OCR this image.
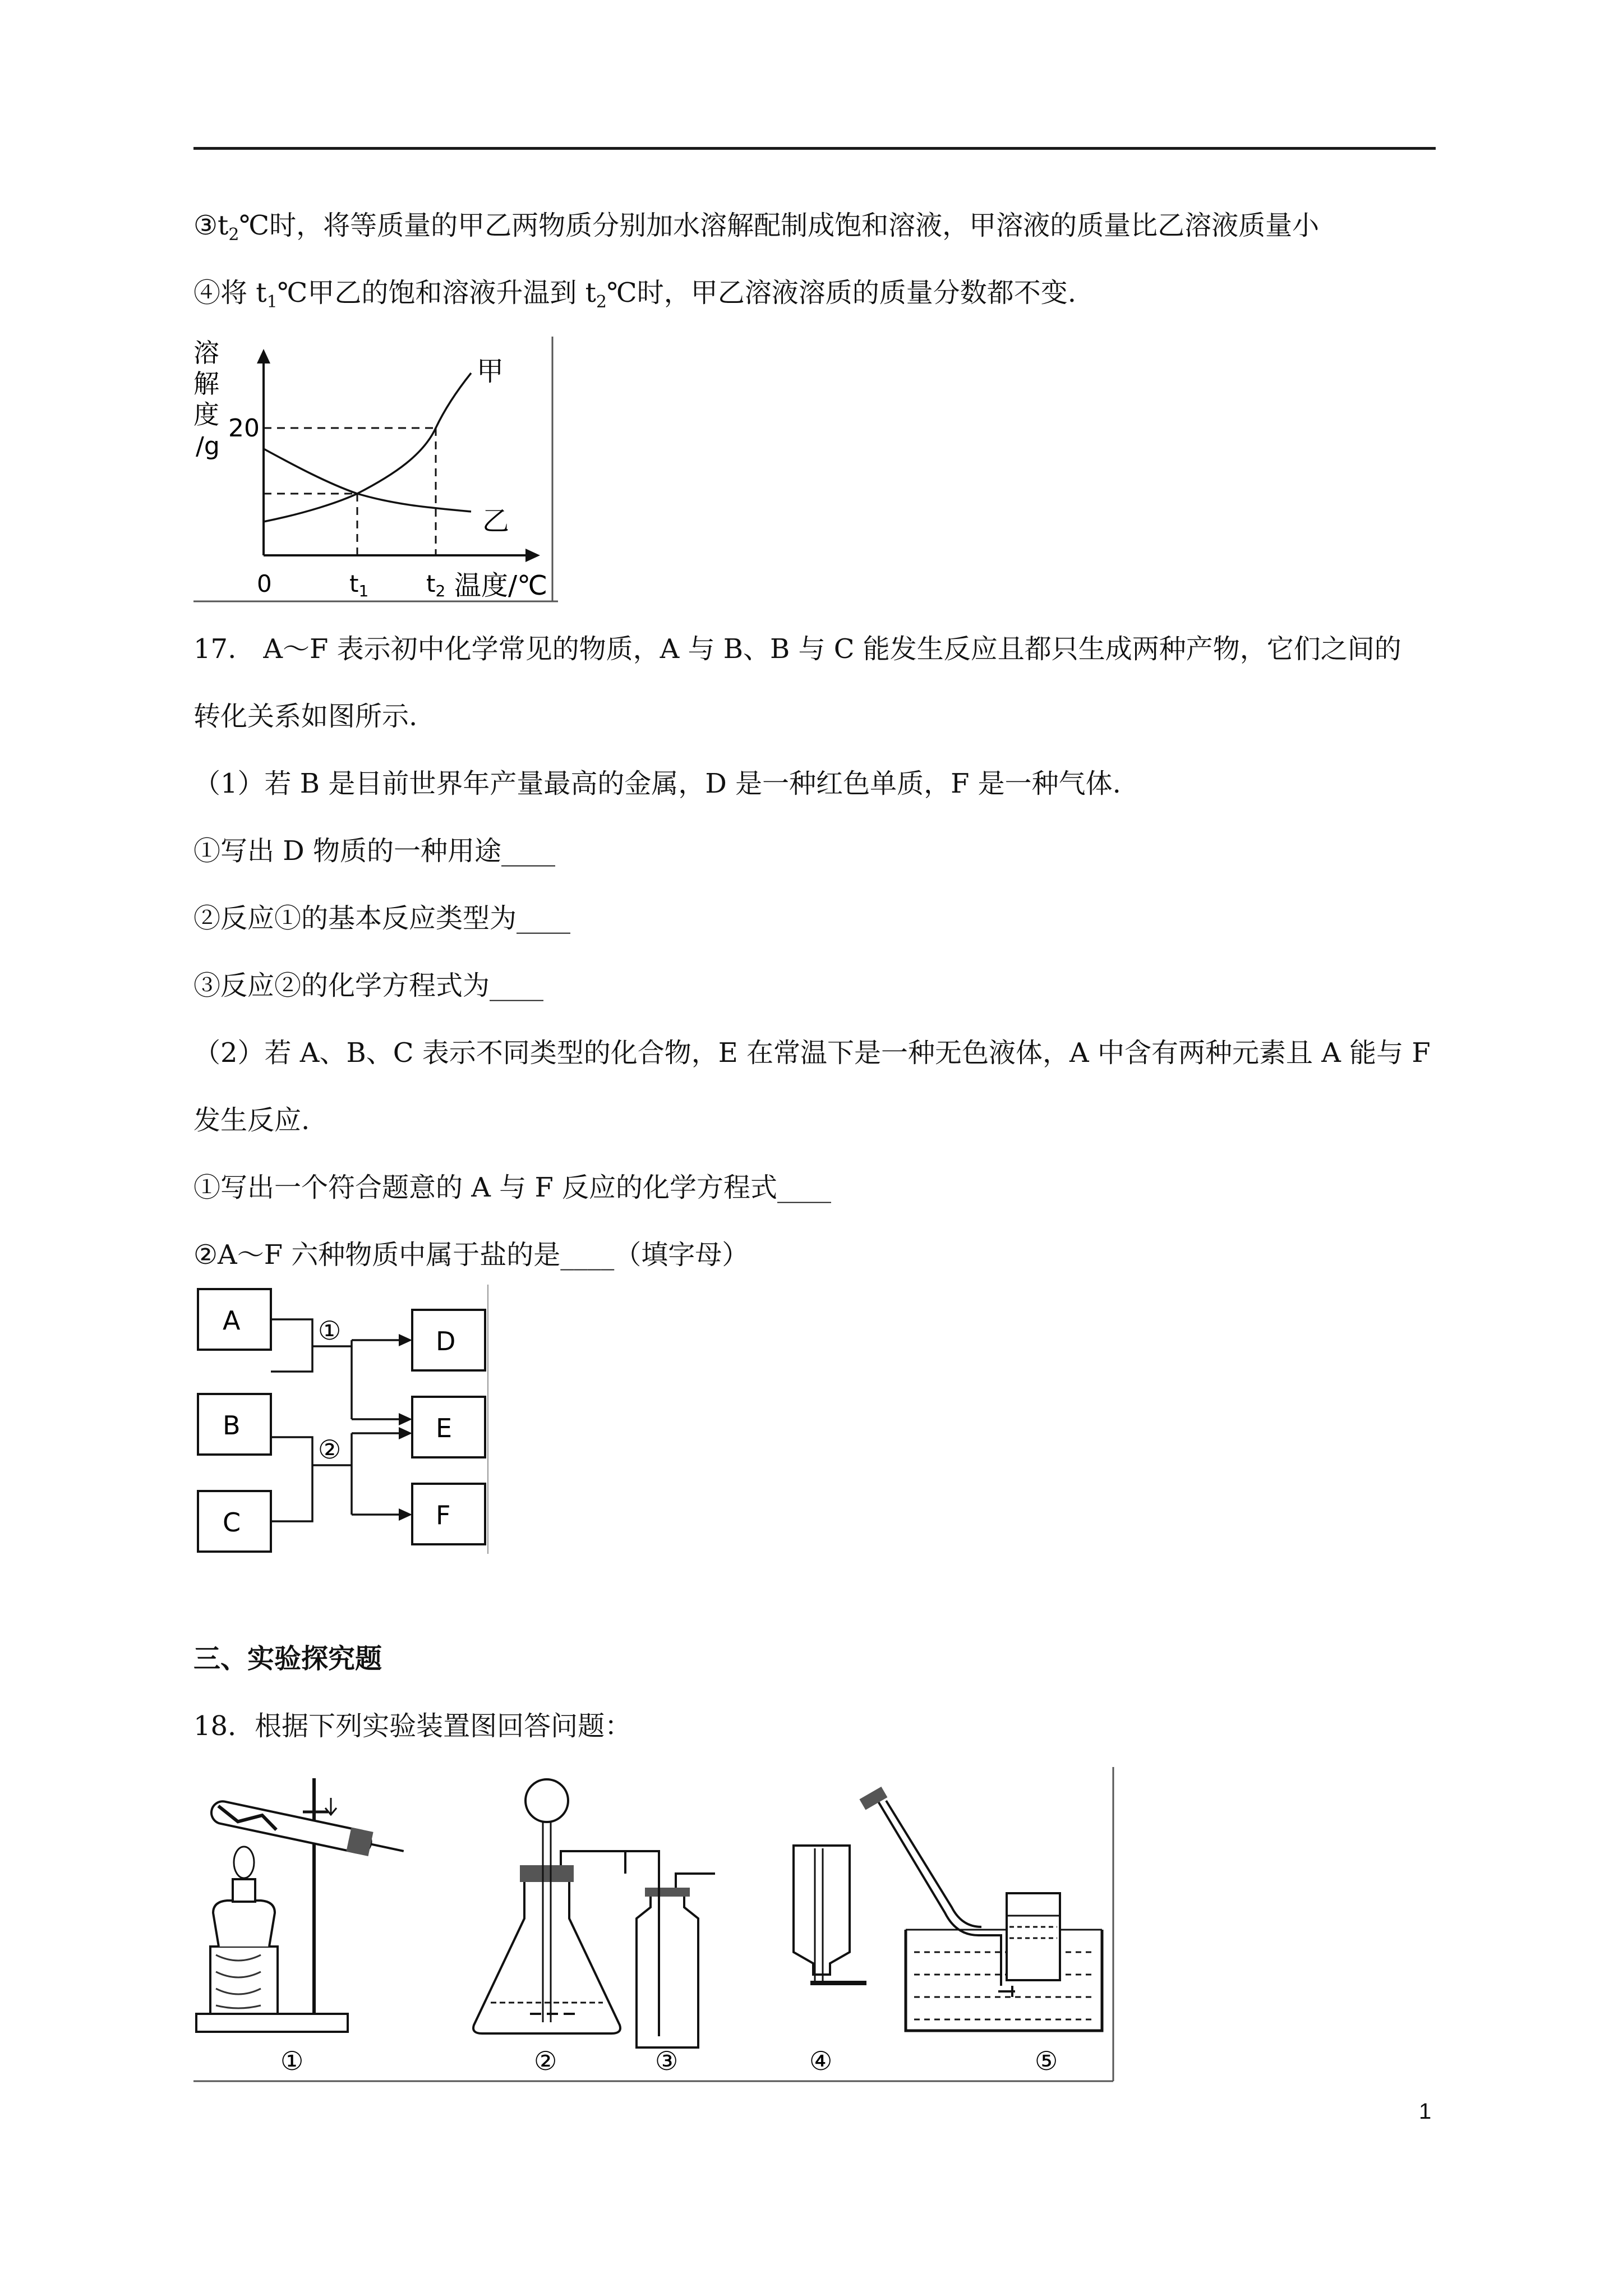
$③t_2℃$时，将等质量的甲乙两物质分别加水溶解配制成饱和溶液，甲溶液的质量比乙溶液质量小
④将 $t_1℃$甲乙的饱和溶液升温到 $t_2℃$时，甲乙溶液溶质的质量分数都不变.
溶
解
度
/g
20
0	t1 t2 温度/℃
甲
乙
17.　A～F 表示初中化学常见的物质，A 与 B、B 与 C 能发生反应且都只生成两种产物，它们之间的
转化关系如图所示.
（1）若 B 是目前世界年产量最高的金属，D 是一种红色单质，F 是一种气体.
①写出 D 物质的一种用途____
②反应①的基本反应类型为____
③反应②的化学方程式为____
（2）若 A、B、C 表示不同类型的化合物，E 在常温下是一种无色液体，A 中含有两种元素且 A 能与 F
发生反应.
①写出一个符合题意的 A 与 F 反应的化学方程式____
②A～F 六种物质中属于盐的是____（填字母）
A
B
C
D
E
F
①
②
三、实验探究题
18．根据下列实验装置图回答问题：
①	②	③	④	⑤
1
